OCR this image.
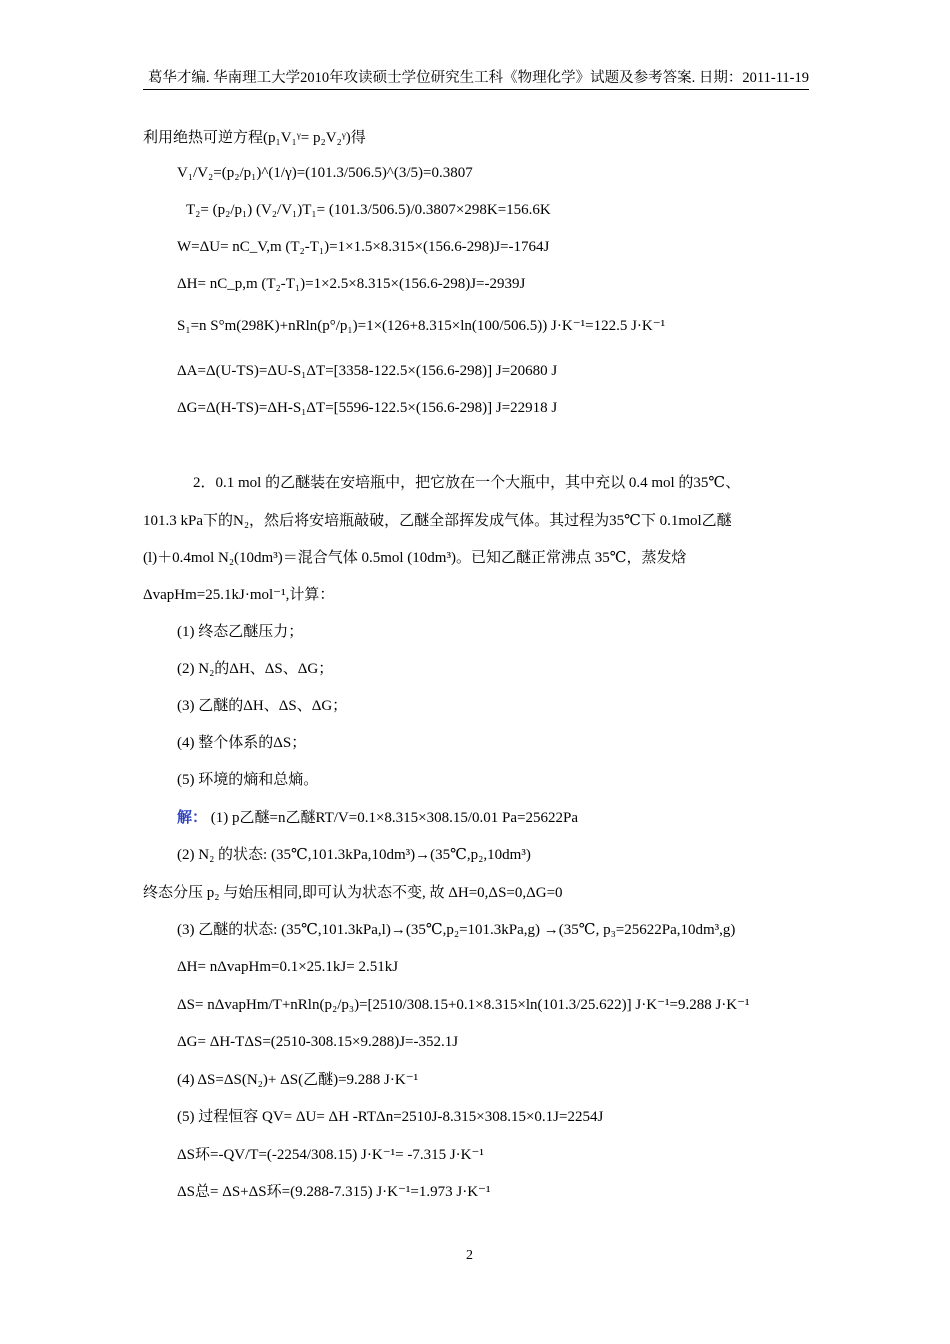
葛华才编. 华南理工大学2010年攻读硕士学位研究生工科《物理化学》试题及参考答案. 日期：2011-11-19
利用绝热可逆方程(p₁V₁ᵞ= p₂V₂ᵞ)得
V₁/V₂=(p₂/p₁)^(1/γ)=(101.3/506.5)^(3/5)=0.3807
T₂= (p₂/p₁) (V₂/V₁)T₁= (101.3/506.5)/0.3807×298K=156.6K
W=ΔU= nC_V,m (T₂-T₁)=1×1.5×8.315×(156.6-298)J=-1764J
ΔH= nC_p,m (T₂-T₁)=1×2.5×8.315×(156.6-298)J=-2939J
S₁=n S°m(298K)+nRln(p°/p₁)=1×(126+8.315×ln(100/506.5)) J·K⁻¹=122.5 J·K⁻¹
ΔA=Δ(U-TS)=ΔU-S₁ΔT=[3358-122.5×(156.6-298)] J=20680 J
ΔG=Δ(H-TS)=ΔH-S₁ΔT=[5596-122.5×(156.6-298)] J=22918 J
2．0.1 mol 的乙醚装在安培瓶中，把它放在一个大瓶中，其中充以 0.4 mol 的35℃、
101.3 kPa下的N₂，然后将安培瓶敲破，乙醚全部挥发成气体。其过程为35℃下 0.1mol乙醚
(l)＋0.4mol N₂(10dm³)＝混合气体 0.5mol (10dm³)。已知乙醚正常沸点 35℃，蒸发焓
ΔvapHm=25.1kJ·mol⁻¹,计算：
(1) 终态乙醚压力；
(2) N₂的ΔH、ΔS、ΔG；
(3) 乙醚的ΔH、ΔS、ΔG；
(4) 整个体系的ΔS；
(5) 环境的熵和总熵。
解： (1) p乙醚=n乙醚RT/V=0.1×8.315×308.15/0.01 Pa=25622Pa
(2) N₂ 的状态: (35℃,101.3kPa,10dm³)→(35℃,p₂,10dm³)
终态分压 p₂ 与始压相同,即可认为状态不变, 故 ΔH=0,ΔS=0,ΔG=0
(3) 乙醚的状态: (35℃,101.3kPa,l)→(35℃,p₂=101.3kPa,g) →(35℃, p₃=25622Pa,10dm³,g)
ΔH= nΔvapHm=0.1×25.1kJ= 2.51kJ
ΔS= nΔvapHm/T+nRln(p₂/p₃)=[2510/308.15+0.1×8.315×ln(101.3/25.622)] J·K⁻¹=9.288 J·K⁻¹
ΔG= ΔH-TΔS=(2510-308.15×9.288)J=-352.1J
(4) ΔS=ΔS(N₂)+ ΔS(乙醚)=9.288 J·K⁻¹
(5) 过程恒容 QV= ΔU= ΔH -RTΔn=2510J-8.315×308.15×0.1J=2254J
ΔS环=-QV/T=(-2254/308.15) J·K⁻¹= -7.315 J·K⁻¹
ΔS总= ΔS+ΔS环=(9.288-7.315) J·K⁻¹=1.973 J·K⁻¹
2
